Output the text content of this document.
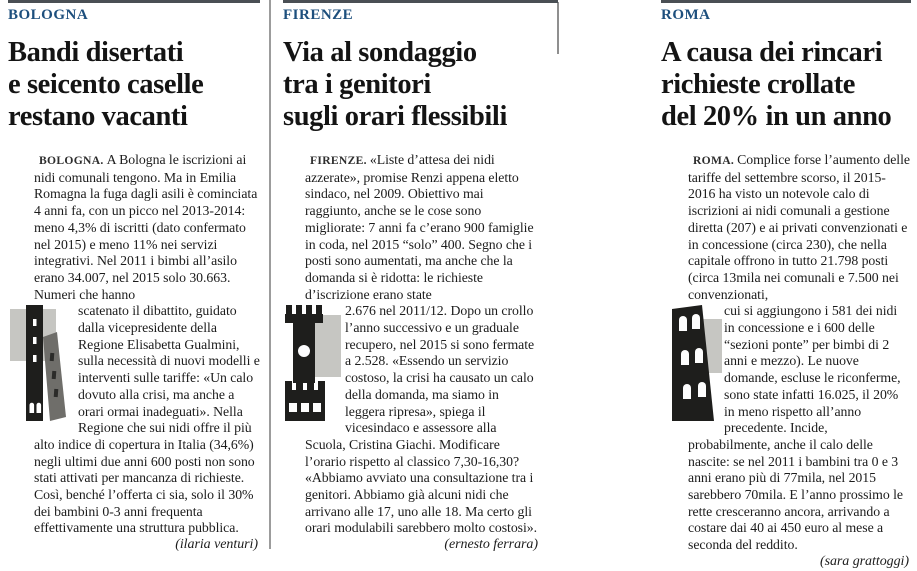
BOLOGNA
Bandi disertati
e seicento caselle
restano vacanti

BOLOGNA. A Bologna le iscrizioni ai nidi comunali tengono. Ma in Emilia Romagna la fuga dagli asili è cominciata 4 anni fa, con un picco nel 2013-2014: meno 4,3% di iscritti (dato confermato nel 2015) e meno 11% nei servizi integrativi. Nel 2011 i bimbi all’asilo erano 34.007, nel 2015 solo 30.663. Numeri che hanno

scatenato il dibattito, guidato dalla vicepresidente della Regione Elisabetta Gualmini, sulla necessità di nuovi modelli e interventi sulle tariffe: «Un calo dovuto alla crisi, ma anche a orari ormai inadeguati». Nella Regione che sui nidi offre il più alto indice di copertura in Italia (34,6%) negli ultimi due anni 600 posti non sono stati attivati per mancanza di richieste. Così, benché l’offerta ci sia, solo il 30% dei bambini 0-3 anni frequenta effettivamente una struttura pubblica.

(ilaria venturi)

FIRENZE
Via al sondaggio
tra i genitori
sugli orari flessibili

FIRENZE. «Liste d’attesa dei nidi azzerate», promise Renzi appena eletto sindaco, nel 2009. Obiettivo mai raggiunto, anche se le cose sono migliorate: 7 anni fa c’erano 900 famiglie in coda, nel 2015 “solo” 400. Segno che i posti sono aumentati, ma anche che la domanda si è ridotta: le richieste d’iscrizione erano state

2.676 nel 2011/12. Dopo un crollo l’anno successivo e un graduale recupero, nel 2015 si sono fermate a 2.528. «Essendo un servizio costoso, la crisi ha causato un calo della domanda, ma siamo in leggera ripresa», spiega il vicesindaco e assessore alla Scuola, Cristina Giachi. Modificare l’orario rispetto al classico 7,30-16,30? «Abbiamo avviato una consultazione tra i genitori. Abbiamo già alcuni nidi che arrivano alle 17, uno alle 18. Ma certo gli orari modulabili sarebbero molto costosi».

(ernesto ferrara)

ROMA
A causa dei rincari
richieste crollate
del 20% in un anno

ROMA. Complice forse l’aumento delle tariffe del settembre scorso, il 2015-2016 ha visto un notevole calo di iscrizioni ai nidi comunali a gestione diretta (207) e ai privati convenzionati e in concessione (circa 230), che nella capitale offrono in tutto 21.798 posti (circa 13mila nei comunali e 7.500 nei convenzionati,

cui si aggiungono i 581 dei nidi in concessione e i 600 delle “sezioni ponte” per bimbi di 2 anni e mezzo). Le nuove domande, escluse le riconferme, sono state infatti 16.025, il 20% in meno rispetto all’anno precedente. Incide, probabilmente, anche il calo delle nascite: se nel 2011 i bambini tra 0 e 3 anni erano più di 77mila, nel 2015 sarebbero 70mila. E l’anno prossimo le rette cresceranno ancora, arrivando a costare dai 40 ai 450 euro al mese a seconda del reddito.

(sara grattoggi)
